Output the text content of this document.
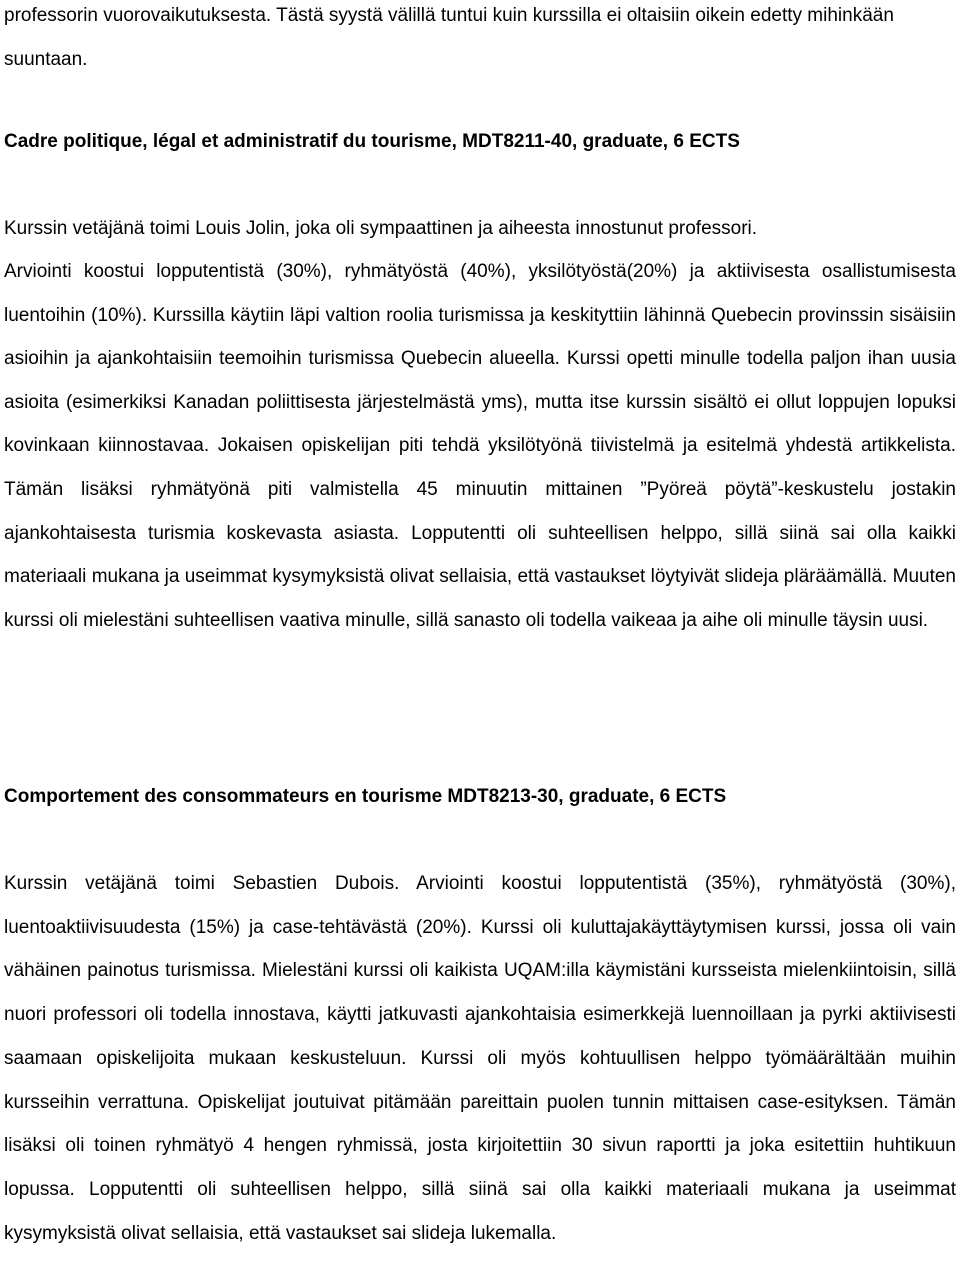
professorin vuorovaikutuksesta. Tästä syystä välillä tuntui kuin kurssilla ei oltaisiin oikein edetty mihinkään suuntaan.

Cadre politique, légal et administratif du tourisme, MDT8211-40, graduate, 6 ECTS

Kurssin vetäjänä toimi Louis Jolin, joka oli sympaattinen ja aiheesta innostunut professori.

Arviointi koostui lopputentistä (30%), ryhmätyöstä (40%), yksilötyöstä(20%) ja aktiivisesta osallistumisesta luentoihin (10%). Kurssilla käytiin läpi valtion roolia turismissa ja keskityttiin lähinnä Quebecin provinssin sisäisiin asioihin ja ajankohtaisiin teemoihin turismissa Quebecin alueella. Kurssi opetti minulle todella paljon ihan uusia asioita (esimerkiksi Kanadan poliittisesta järjestelmästä yms), mutta itse kurssin sisältö ei ollut loppujen lopuksi kovinkaan kiinnostavaa. Jokaisen opiskelijan piti tehdä yksilötyönä tiivistelmä ja esitelmä yhdestä artikkelista. Tämän lisäksi ryhmätyönä piti valmistella 45 minuutin mittainen ”Pyöreä pöytä”-keskustelu jostakin ajankohtaisesta turismia koskevasta asiasta. Lopputentti oli suhteellisen helppo, sillä siinä sai olla kaikki materiaali mukana ja useimmat kysymyksistä olivat sellaisia, että vastaukset löytyivät slideja pläräämällä. Muuten kurssi oli mielestäni suhteellisen vaativa minulle, sillä sanasto oli todella vaikeaa ja aihe oli minulle täysin uusi.

Comportement des consommateurs en tourisme MDT8213-30, graduate, 6 ECTS

Kurssin vetäjänä toimi Sebastien Dubois. Arviointi koostui lopputentistä (35%), ryhmätyöstä (30%), luentoaktiivisuudesta (15%) ja case-tehtävästä (20%). Kurssi oli kuluttajakäyttäytymisen kurssi, jossa oli vain vähäinen painotus turismissa. Mielestäni kurssi oli kaikista UQAM:illa käymistäni kursseista mielenkiintoisin, sillä nuori professori oli todella innostava, käytti jatkuvasti ajankohtaisia esimerkkejä luennoillaan ja pyrki aktiivisesti saamaan opiskelijoita mukaan keskusteluun. Kurssi oli myös kohtuullisen helppo työmäärältään muihin kursseihin verrattuna. Opiskelijat joutuivat pitämään pareittain puolen tunnin mittaisen case-esityksen. Tämän lisäksi oli toinen ryhmätyö 4 hengen ryhmissä, josta kirjoitettiin 30 sivun raportti ja joka esitettiin huhtikuun lopussa. Lopputentti oli suhteellisen helppo, sillä siinä sai olla kaikki materiaali mukana ja useimmat kysymyksistä olivat sellaisia, että vastaukset sai slideja lukemalla.
